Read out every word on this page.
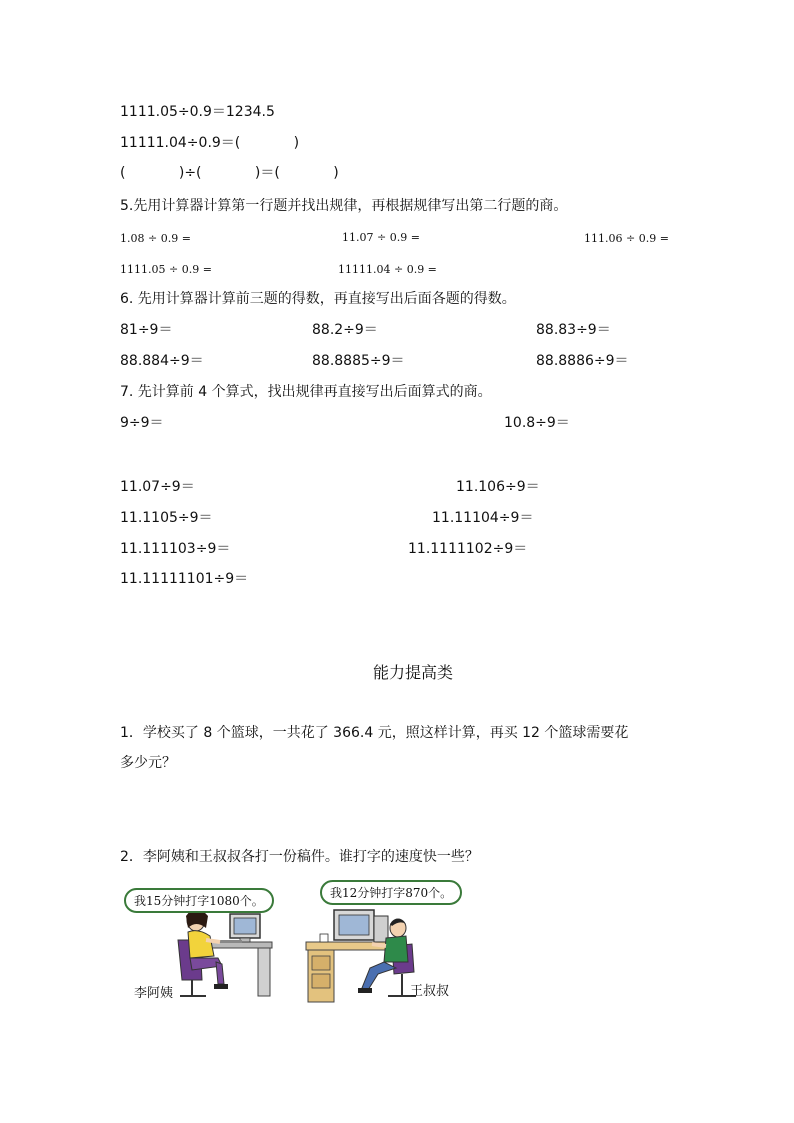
1111.05÷0.9＝1234.5
11111.04÷0.9＝(            )
(            )÷(            )＝(            )
5.先用计算器计算第一行题并找出规律，再根据规律写出第二行题的商。
1.08 ÷ 0.9 =	11.07 ÷ 0.9 =	111.06 ÷ 0.9 =
1111.05 ÷ 0.9 =	11111.04 ÷ 0.9 =
6. 先用计算器计算前三题的得数，再直接写出后面各题的得数。
81÷9＝	88.2÷9＝	88.83÷9＝
88.884÷9＝	88.8885÷9＝	88.8886÷9＝
7. 先计算前 4 个算式，找出规律再直接写出后面算式的商。
9÷9＝	10.8÷9＝
11.07÷9＝	11.106÷9＝
11.1105÷9＝	11.11104÷9＝
11.111103÷9＝	11.1111102÷9＝
11.11111101÷9＝
能力提高类
1．学校买了 8 个篮球，一共花了 366.4 元，照这样计算，再买 12 个篮球需要花
多少元？
2．李阿姨和王叔叔各打一份稿件。谁打字的速度快一些？
我15分钟打字1080个。
李阿姨
我12分钟打字870个。
王叔叔
